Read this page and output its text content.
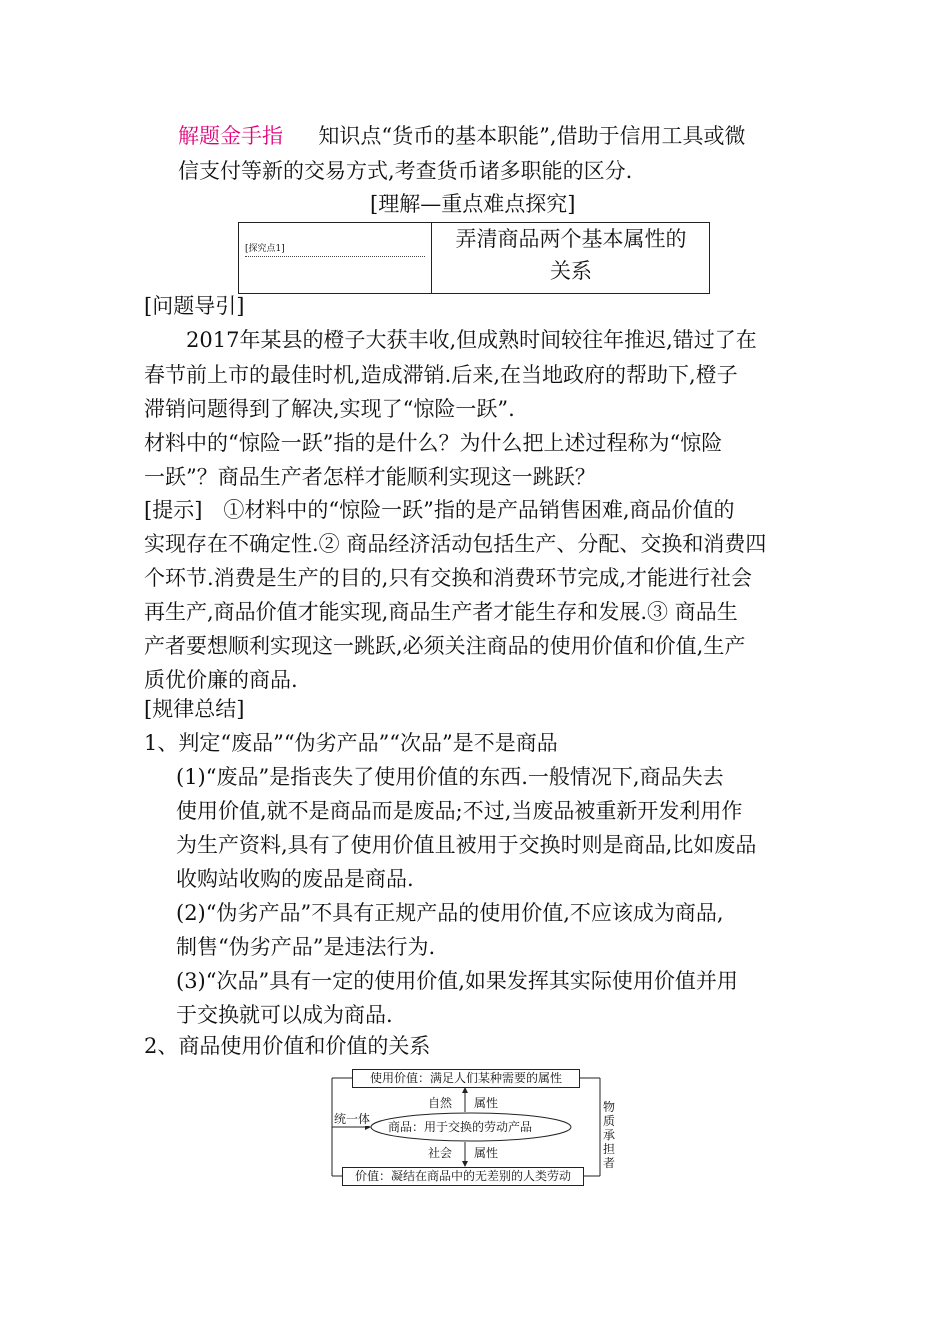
解题金手指 知识点“货币的基本职能”,借助于信用工具或微
信支付等新的交易方式,考查货币诸多职能的区分.
[理解—重点难点探究]
[探究点1]	弄清商品两个基本属性的
关系
[问题导引]
2017年某县的橙子大获丰收,但成熟时间较往年推迟,错过了在
春节前上市的最佳时机,造成滞销.后来,在当地政府的帮助下,橙子
滞销问题得到了解决,实现了“惊险一跃”.
材料中的“惊险一跃”指的是什么？为什么把上述过程称为“惊险
一跃”？商品生产者怎样才能顺利实现这一跳跃？
[提示]　①材料中的“惊险一跃”指的是产品销售困难,商品价值的
实现存在不确定性.② 商品经济活动包括生产、分配、交换和消费四
个环节.消费是生产的目的,只有交换和消费环节完成,才能进行社会
再生产,商品价值才能实现,商品生产者才能生存和发展.③ 商品生
产者要想顺利实现这一跳跃,必须关注商品的使用价值和价值,生产
质优价廉的商品.
[规律总结]
1、判定“废品”“伪劣产品”“次品”是不是商品
(1)“废品”是指丧失了使用价值的东西.一般情况下,商品失去
使用价值,就不是商品而是废品;不过,当废品被重新开发利用作
为生产资料,具有了使用价值且被用于交换时则是商品,比如废品
收购站收购的废品是商品.
(2)“伪劣产品”不具有正规产品的使用价值,不应该成为商品,
制售“伪劣产品”是违法行为.
(3)“次品”具有一定的使用价值,如果发挥其实际使用价值并用
于交换就可以成为商品.
2、商品使用价值和价值的关系
使用价值：满足人们某种需要的属性
自然 属性
统一体
商品：用于交换的劳动产品
社会 属性
价值：凝结在商品中的无差别的人类劳动
物质承担者
